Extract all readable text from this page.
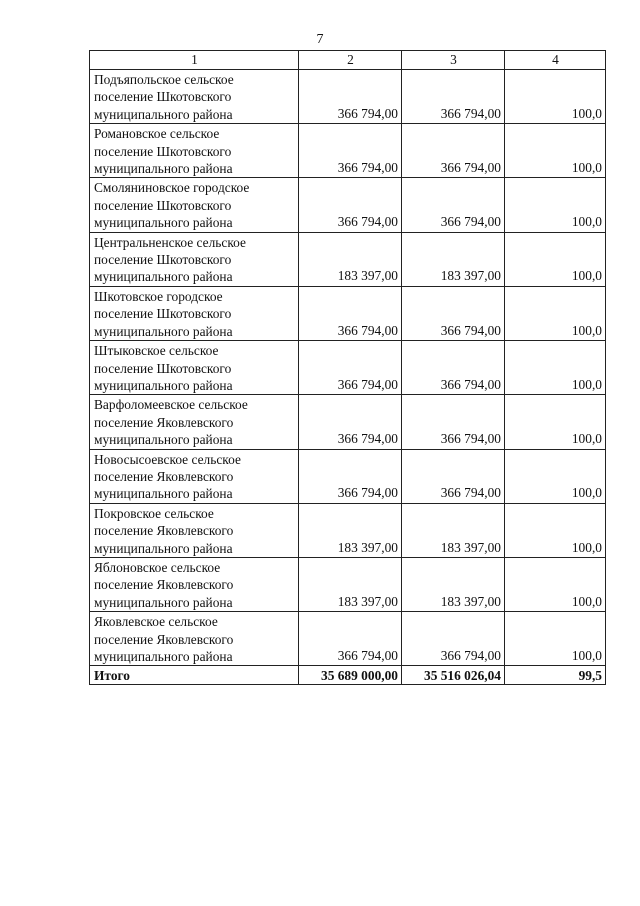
7
1	2	3	4
Подъяпольское сельское
поселение Шкотовского
муниципального района	366 794,00	366 794,00	100,0
Романовское сельское
поселение Шкотовского
муниципального района	366 794,00	366 794,00	100,0
Смоляниновское городское
поселение Шкотовского
муниципального района	366 794,00	366 794,00	100,0
Центральненское сельское
поселение Шкотовского
муниципального района	183 397,00	183 397,00	100,0
Шкотовское городское
поселение Шкотовского
муниципального района	366 794,00	366 794,00	100,0
Штыковское сельское
поселение Шкотовского
муниципального района	366 794,00	366 794,00	100,0
Варфоломеевское сельское
поселение Яковлевского
муниципального района	366 794,00	366 794,00	100,0
Новосысоевское сельское
поселение Яковлевского
муниципального района	366 794,00	366 794,00	100,0
Покровское сельское
поселение Яковлевского
муниципального района	183 397,00	183 397,00	100,0
Яблоновское сельское
поселение Яковлевского
муниципального района	183 397,00	183 397,00	100,0
Яковлевское сельское
поселение Яковлевского
муниципального района	366 794,00	366 794,00	100,0
Итого	35 689 000,00	35 516 026,04	99,5
